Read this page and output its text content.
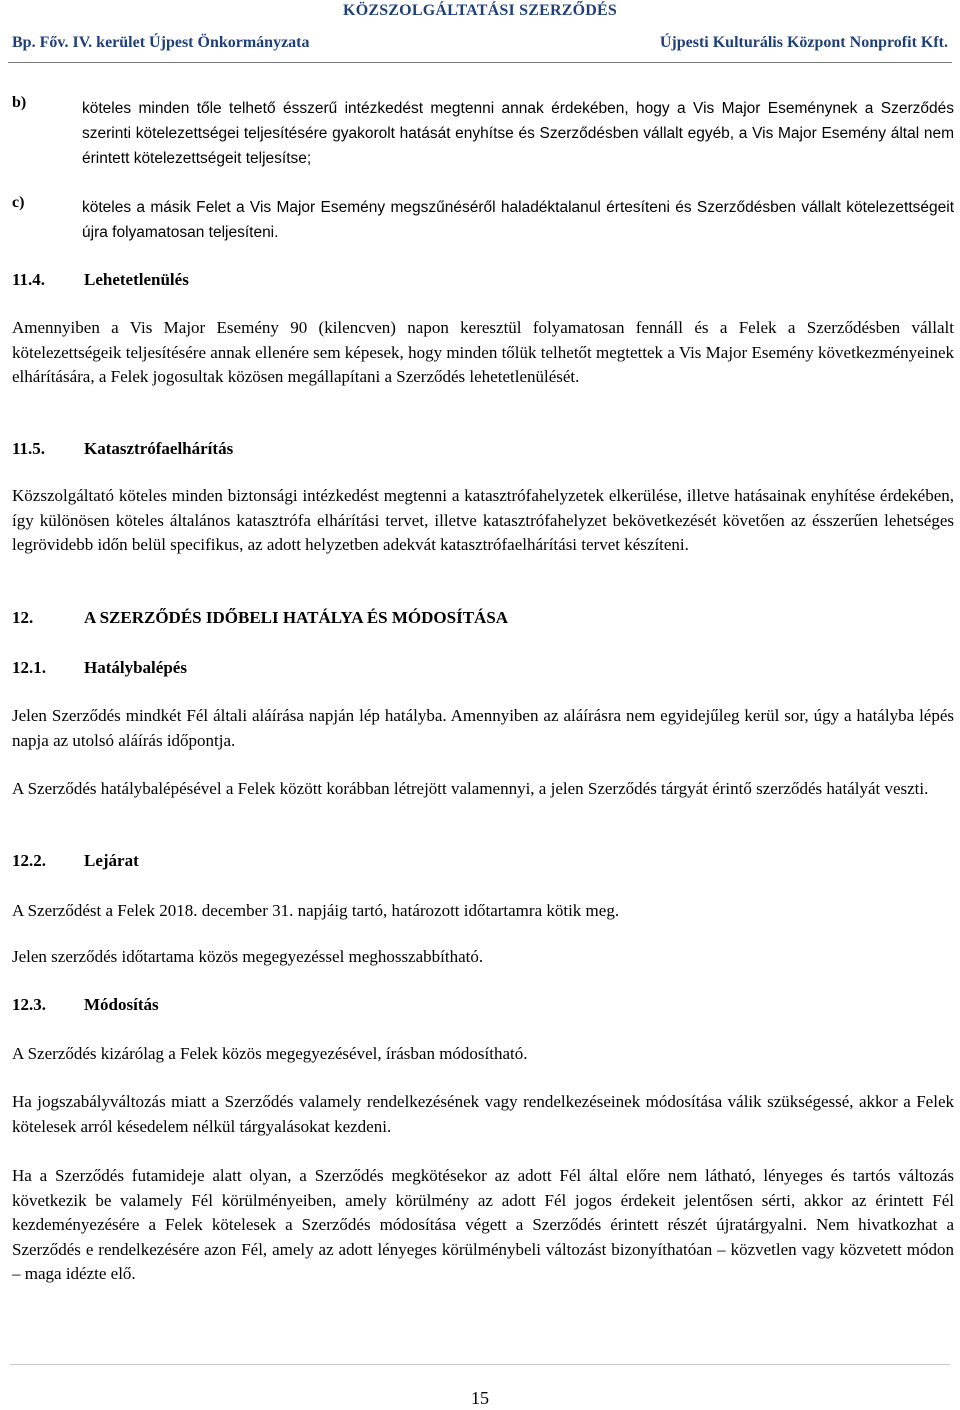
KÖZSZOLGÁLTATÁSI SZERZŐDÉS
Bp. Főv. IV. kerület Újpest Önkormányzata	Újpesti Kulturális Központ Nonprofit Kft.
b)	köteles minden tőle telhető ésszerű intézkedést megtenni annak érdekében, hogy a Vis Major Eseménynek a Szerződés szerinti kötelezettségei teljesítésére gyakorolt hatását enyhítse és Szerződésben vállalt egyéb, a Vis Major Esemény által nem érintett kötelezettségeit teljesítse;
c)	köteles a másik Felet a Vis Major Esemény megszűnéséről haladéktalanul értesíteni és Szerződésben vállalt kötelezettségeit újra folyamatosan teljesíteni.
11.4. Lehetetlenülés
Amennyiben a Vis Major Esemény 90 (kilencven) napon keresztül folyamatosan fennáll és a Felek a Szerződésben vállalt kötelezettségeik teljesítésére annak ellenére sem képesek, hogy minden tőlük telhetőt megtettek a Vis Major Esemény következményeinek elhárítására, a Felek jogosultak közösen megállapítani a Szerződés lehetetlenülését.
11.5. Katasztrófaelhárítás
Közszolgáltató köteles minden biztonsági intézkedést megtenni a katasztrófahelyzetek elkerülése, illetve hatásainak enyhítése érdekében, így különösen köteles általános katasztrófa elhárítási tervet, illetve katasztrófahelyzet bekövetkezését követően az ésszerűen lehetséges legrövidebb időn belül specifikus, az adott helyzetben adekvát katasztrófaelhárítási tervet készíteni.
12.	A SZERZŐDÉS IDŐBELI HATÁLYA ÉS MÓDOSÍTÁSA
12.1. Hatálybalépés
Jelen Szerződés mindkét Fél általi aláírása napján lép hatályba. Amennyiben az aláírásra nem egyidejűleg kerül sor, úgy a hatályba lépés napja az utolsó aláírás időpontja.
A Szerződés hatálybalépésével a Felek között korábban létrejött valamennyi, a jelen Szerződés tárgyát érintő szerződés hatályát veszti.
12.2. Lejárat
A Szerződést a Felek 2018. december 31. napjáig tartó, határozott időtartamra kötik meg.
Jelen szerződés időtartama közös megegyezéssel meghosszabbítható.
12.3. Módosítás
A Szerződés kizárólag a Felek közös megegyezésével, írásban módosítható.
Ha jogszabályváltozás miatt a Szerződés valamely rendelkezésének vagy rendelkezéseinek módosítása válik szükségessé, akkor a Felek kötelesek arról késedelem nélkül tárgyalásokat kezdeni.
Ha a Szerződés futamideje alatt olyan, a Szerződés megkötésekor az adott Fél által előre nem látható, lényeges és tartós változás következik be valamely Fél körülményeiben, amely körülmény az adott Fél jogos érdekeit jelentősen sérti, akkor az érintett Fél kezdeményezésére a Felek kötelesek a Szerződés módosítása végett a Szerződés érintett részét újratárgyalni. Nem hivatkozhat a Szerződés e rendelkezésére azon Fél, amely az adott lényeges körülménybeli változást bizonyíthatóan – közvetlen vagy közvetett módon – maga idézte elő.
15
